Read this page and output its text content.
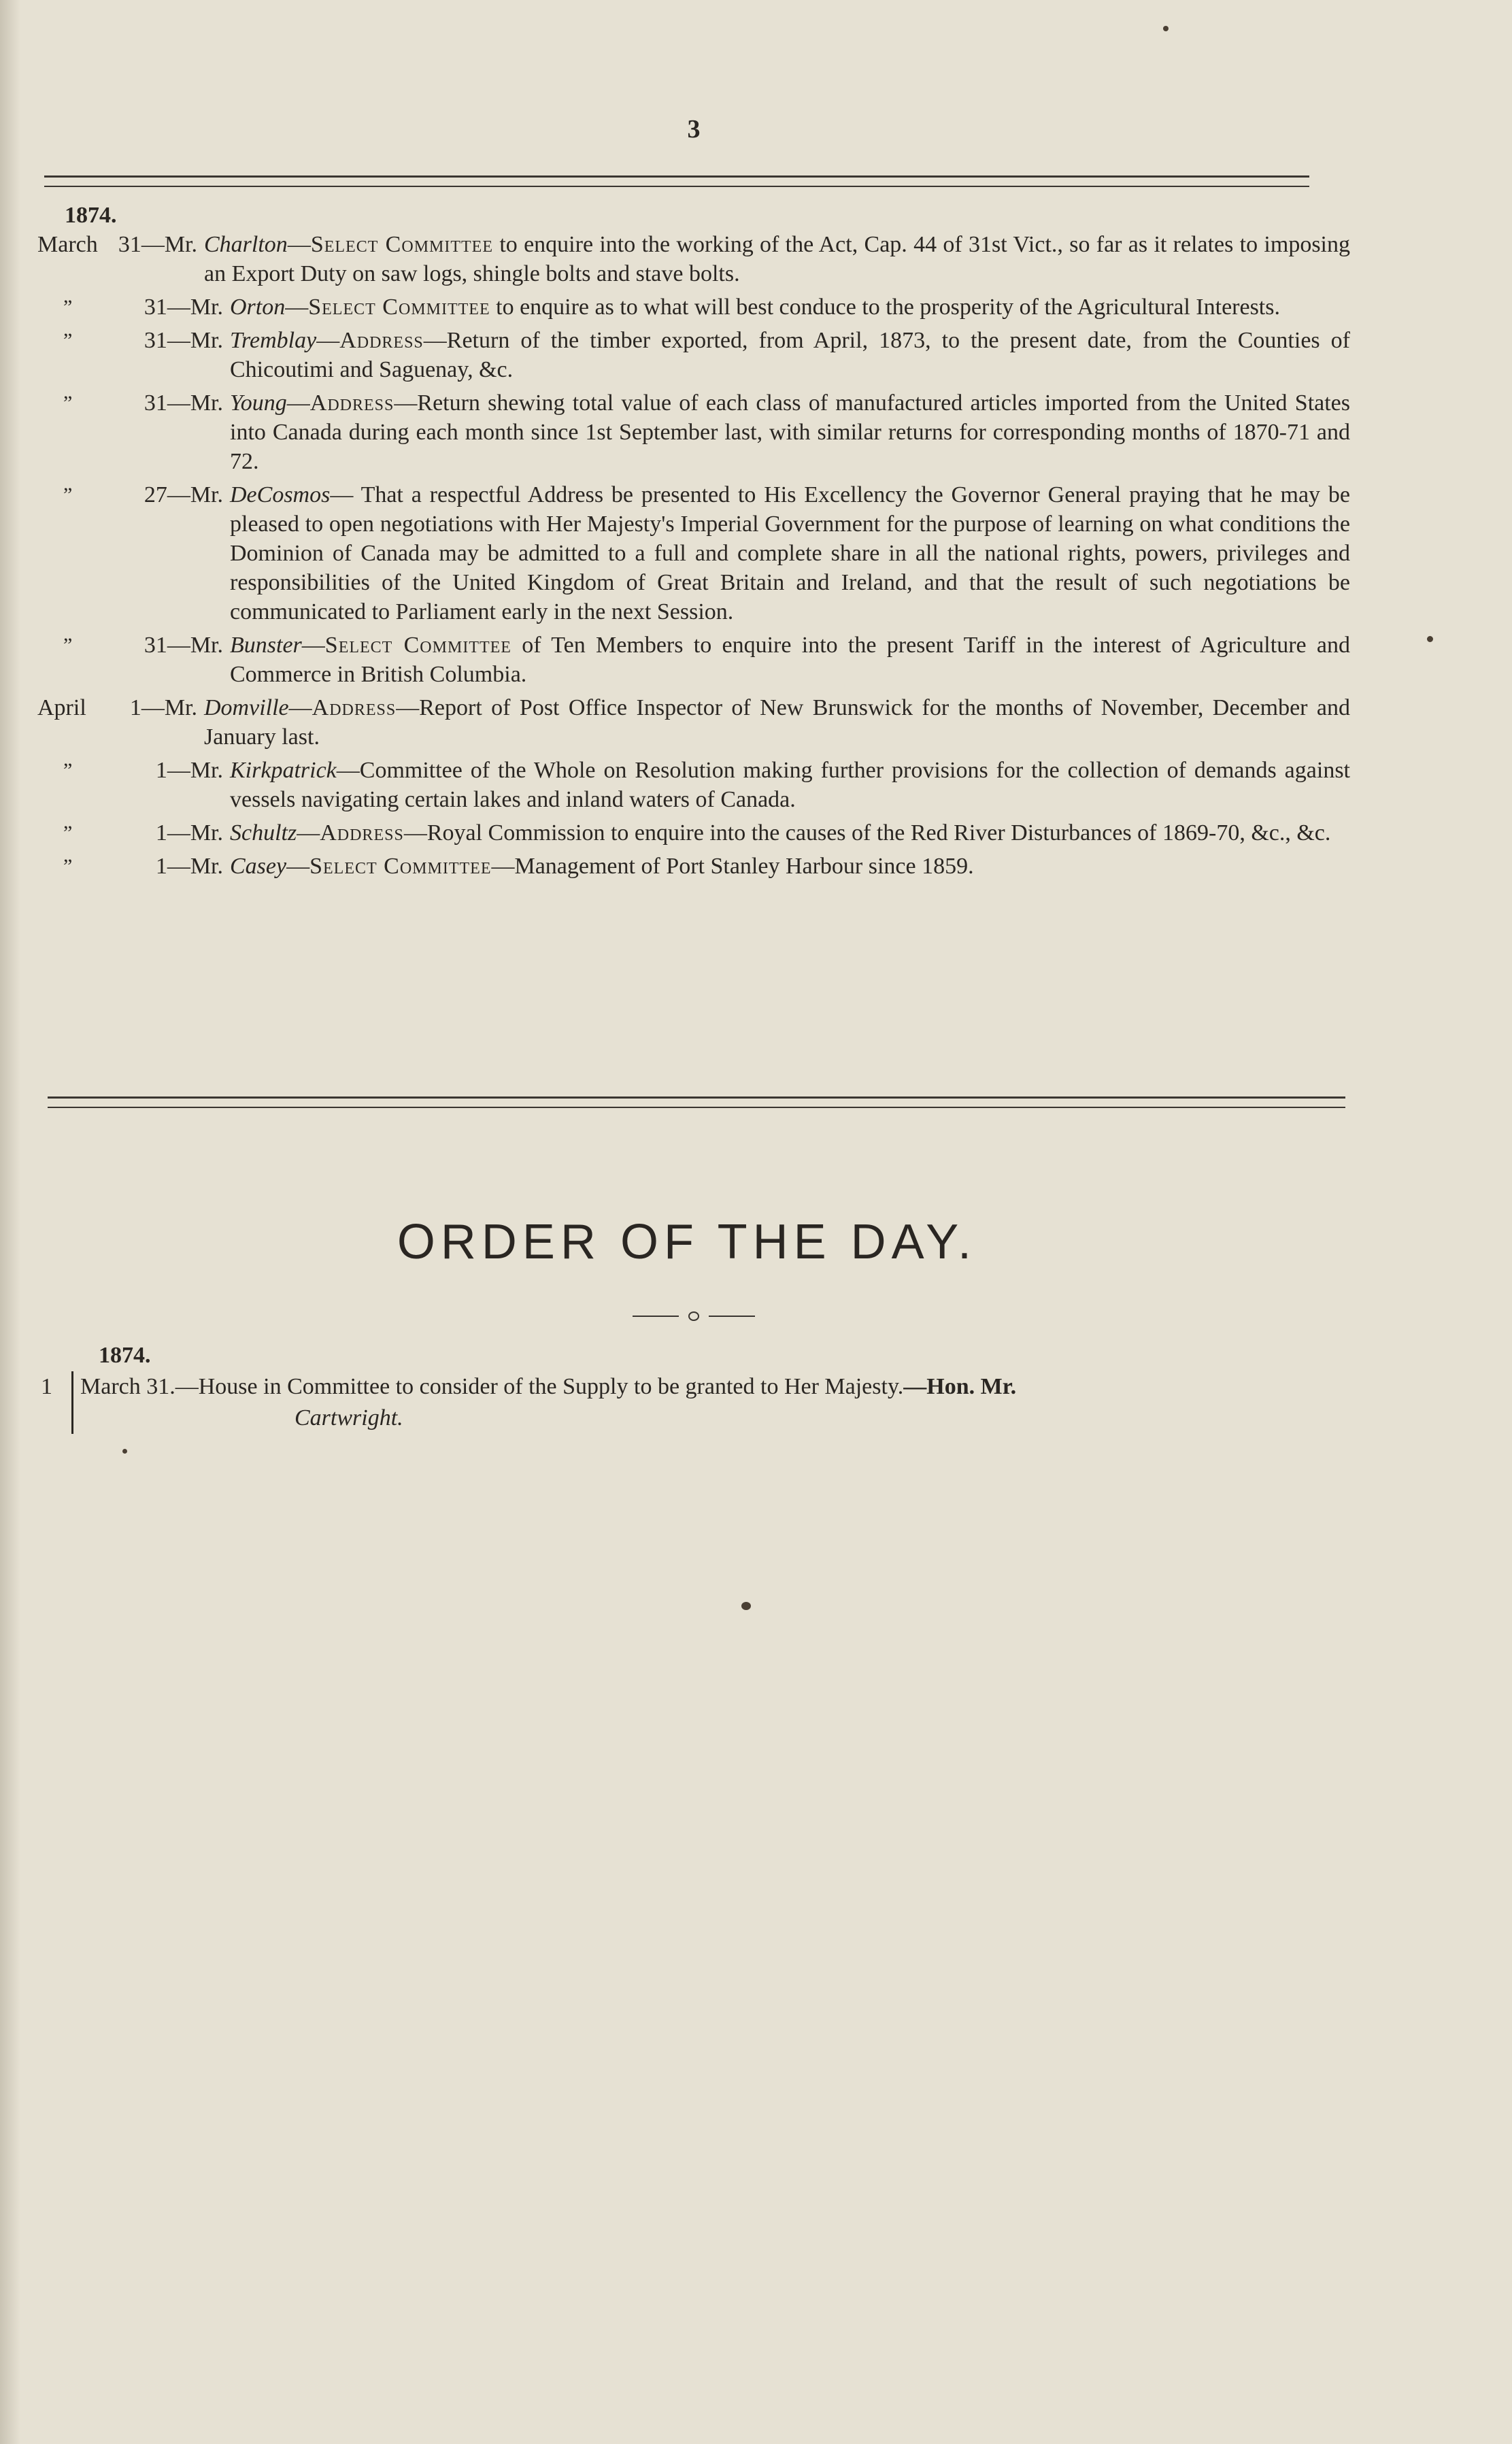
3
1874.
March 31—Mr. Charlton—Select Committee to enquire into the working of the Act, Cap. 44 of 31st Vict., so far as it relates to imposing an Export Duty on saw logs, shingle bolts and stave bolts.
”	31—Mr. Orton—Select Committee to enquire as to what will best conduce to the prosperity of the Agricultural Interests.
”	31—Mr. Tremblay—Address—Return of the timber exported, from April, 1873, to the present date, from the Counties of Chicoutimi and Saguenay, &c.
”	31—Mr. Young—Address—Return shewing total value of each class of manufactured articles imported from the United States into Canada during each month since 1st September last, with similar returns for corresponding months of 1870-71 and 72.
”	27—Mr. DeCosmos— That a respectful Address be presented to His Excellency the Governor General praying that he may be pleased to open negotiations with Her Majesty's Imperial Government for the purpose of learning on what conditions the Dominion of Canada may be admitted to a full and complete share in all the national rights, powers, privileges and responsibilities of the United Kingdom of Great Britain and Ireland, and that the result of such negotiations be communicated to Parliament early in the next Session.
”	31—Mr. Bunster—Select Committee of Ten Members to enquire into the present Tariff in the interest of Agriculture and Commerce in British Columbia.
April	1—Mr. Domville—Address—Report of Post Office Inspector of New Brunswick for the months of November, December and January last.
”	1—Mr. Kirkpatrick—Committee of the Whole on Resolution making further provisions for the collection of demands against vessels navigating certain lakes and inland waters of Canada.
”	1—Mr. Schultz—Address—Royal Commission to enquire into the causes of the Red River Disturbances of 1869-70, &c., &c.
”	1—Mr. Casey—Select Committee—Management of Port Stanley Harbour since 1859.
ORDER OF THE DAY.
1874.
1	March 31.—House in Committee to consider of the Supply to be granted to Her Majesty.—Hon. Mr.
Cartwright.
